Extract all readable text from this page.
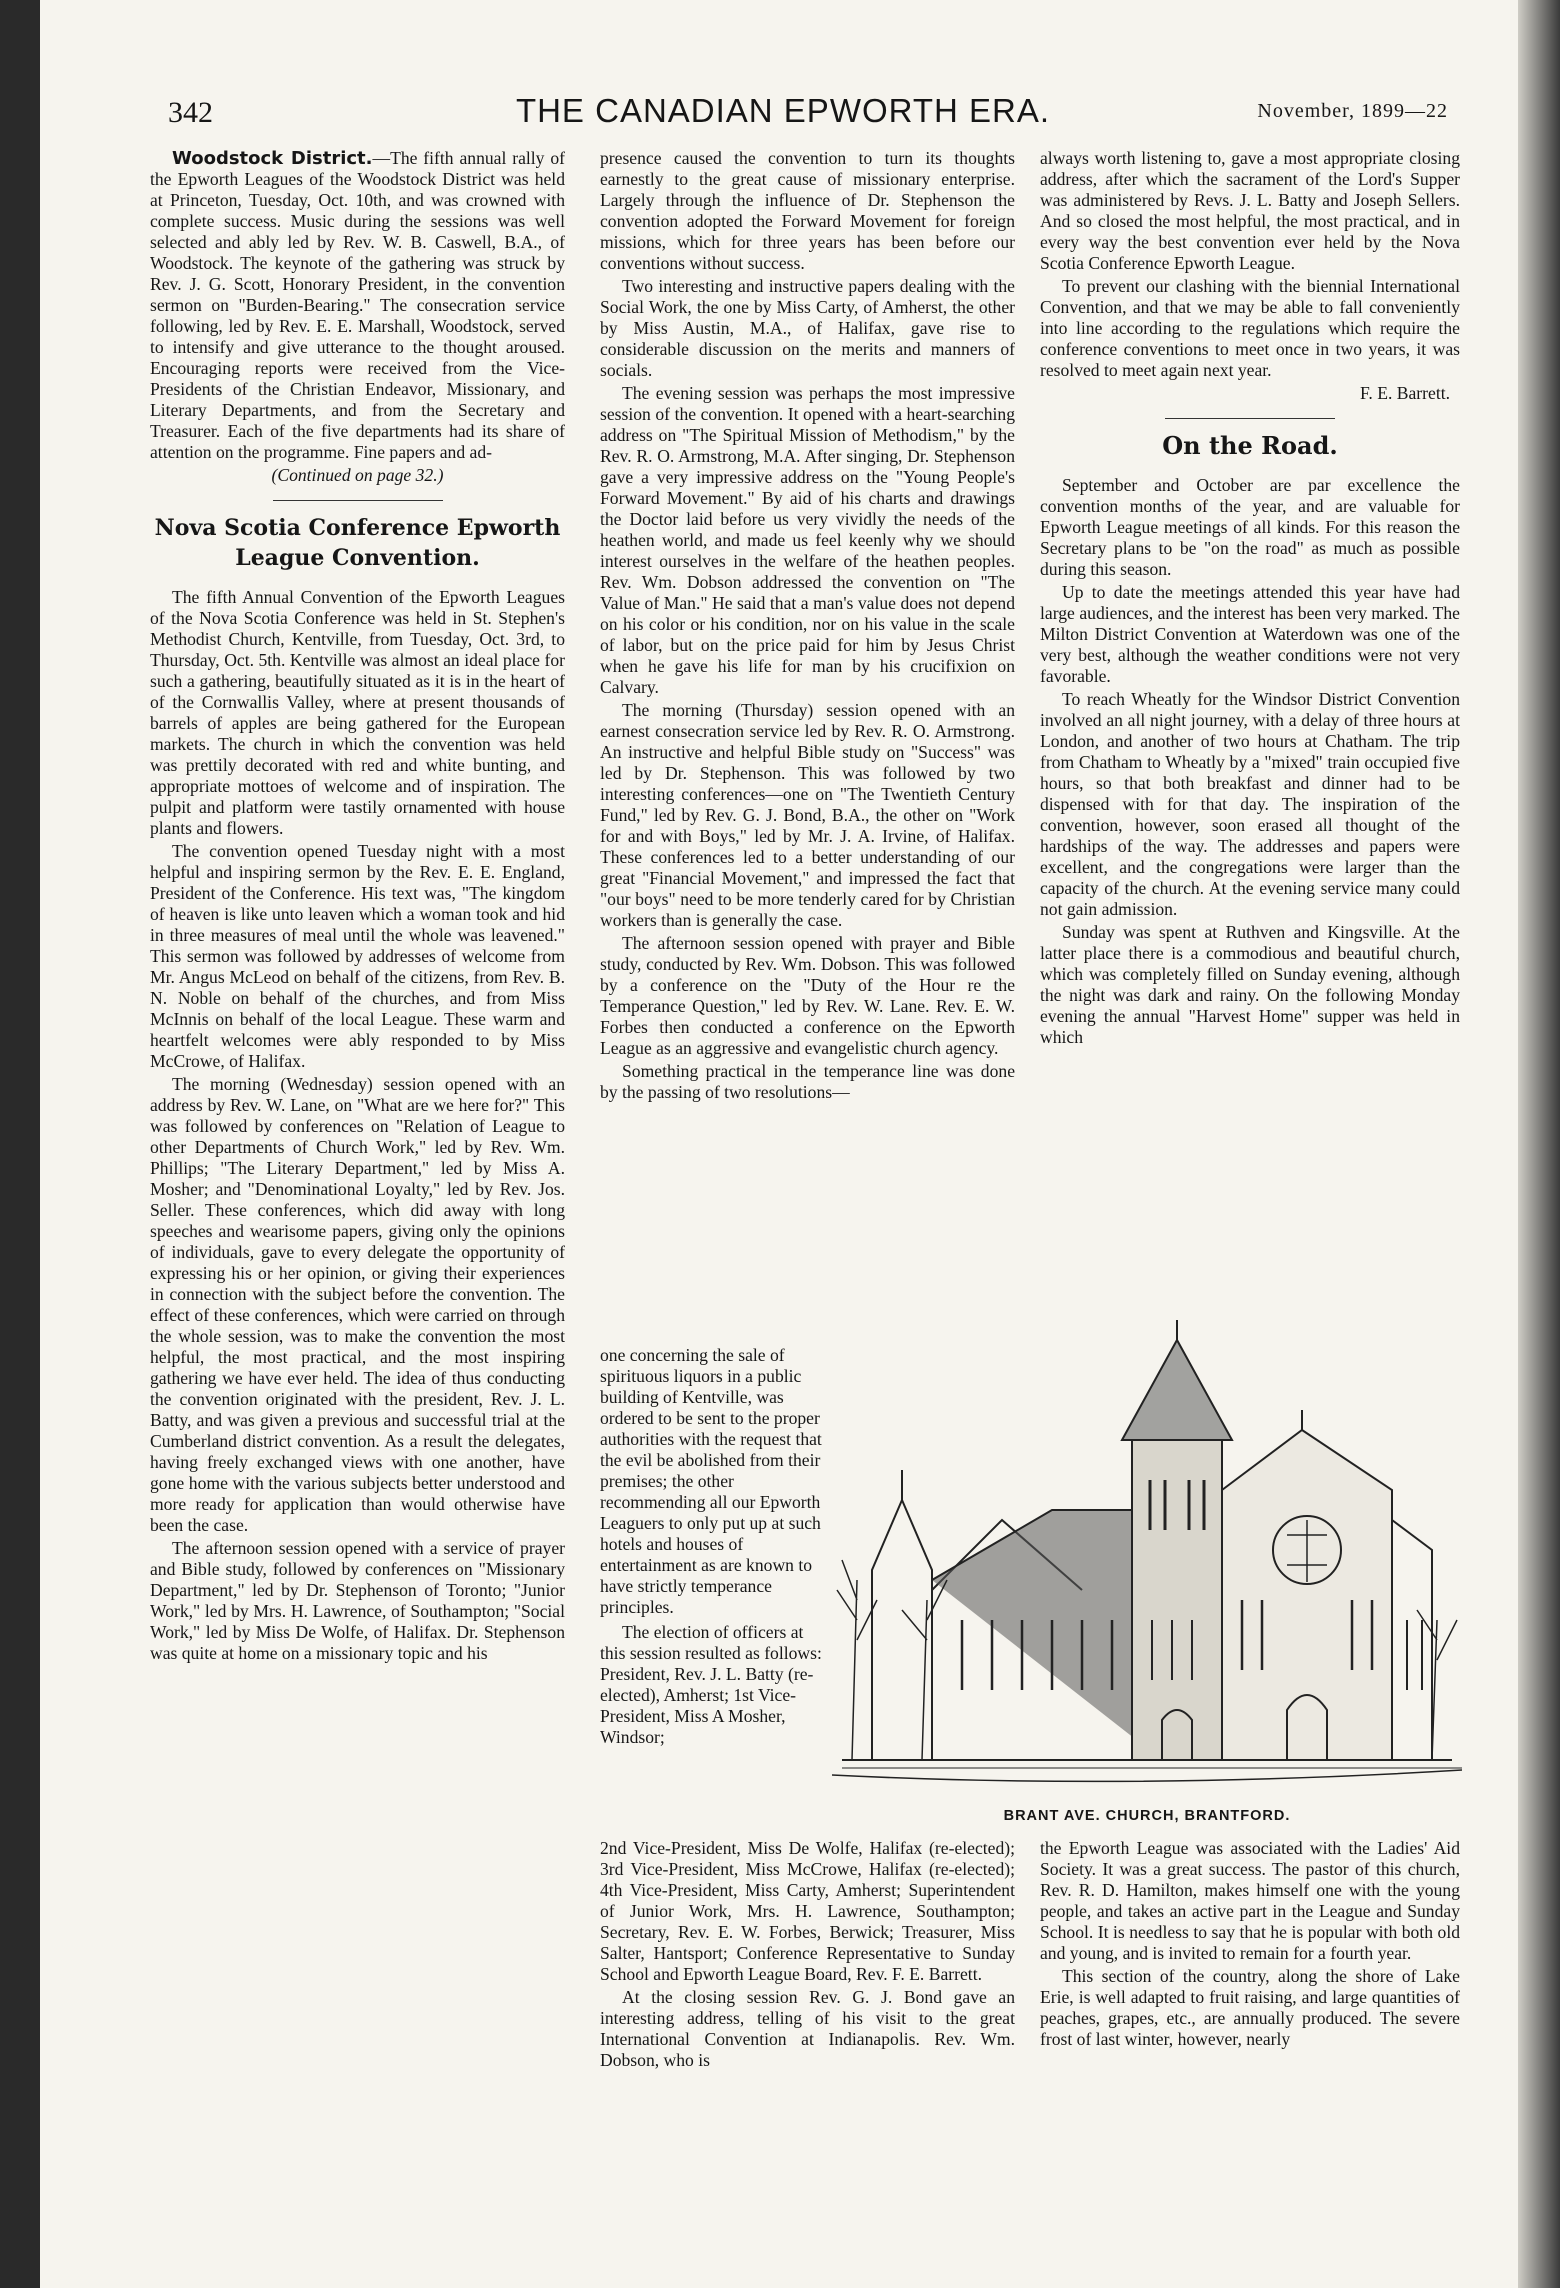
342	THE CANADIAN EPWORTH ERA.	November, 1899—22

Woodstock District.—The fifth annual rally of the Epworth Leagues of the Woodstock District was held at Princeton, Tuesday, Oct. 10th, and was crowned with complete success. Music during the sessions was well selected and ably led by Rev. W. B. Caswell, B.A., of Woodstock. The keynote of the gathering was struck by Rev. J. G. Scott, Honorary President, in the convention sermon on "Burden-Bearing." The consecration service following, led by Rev. E. E. Marshall, Woodstock, served to intensify and give utterance to the thought aroused. Encouraging reports were received from the Vice-Presidents of the Christian Endeavor, Missionary, and Literary Departments, and from the Secretary and Treasurer. Each of the five departments had its share of attention on the programme. Fine papers and ad-

(Continued on page 32.)

Nova Scotia Conference Epworth League Convention.

The fifth Annual Convention of the Epworth Leagues of the Nova Scotia Conference was held in St. Stephen's Methodist Church, Kentville, from Tuesday, Oct. 3rd, to Thursday, Oct. 5th. Kentville was almost an ideal place for such a gathering, beautifully situated as it is in the heart of of the Cornwallis Valley, where at present thousands of barrels of apples are being gathered for the European markets. The church in which the convention was held was prettily decorated with red and white bunting, and appropriate mottoes of welcome and of inspiration. The pulpit and platform were tastily ornamented with house plants and flowers.

The convention opened Tuesday night with a most helpful and inspiring sermon by the Rev. E. E. England, President of the Conference. His text was, "The kingdom of heaven is like unto leaven which a woman took and hid in three measures of meal until the whole was leavened." This sermon was followed by addresses of welcome from Mr. Angus McLeod on behalf of the citizens, from Rev. B. N. Noble on behalf of the churches, and from Miss McInnis on behalf of the local League. These warm and heartfelt welcomes were ably responded to by Miss McCrowe, of Halifax.

The morning (Wednesday) session opened with an address by Rev. W. Lane, on "What are we here for?" This was followed by conferences on "Relation of League to other Departments of Church Work," led by Rev. Wm. Phillips; "The Literary Department," led by Miss A. Mosher; and "Denominational Loyalty," led by Rev. Jos. Seller. These conferences, which did away with long speeches and wearisome papers, giving only the opinions of individuals, gave to every delegate the opportunity of expressing his or her opinion, or giving their experiences in connection with the subject before the convention. The effect of these conferences, which were carried on through the whole session, was to make the convention the most helpful, the most practical, and the most inspiring gathering we have ever held. The idea of thus conducting the convention originated with the president, Rev. J. L. Batty, and was given a previous and successful trial at the Cumberland district convention. As a result the delegates, having freely exchanged views with one another, have gone home with the various subjects better understood and more ready for application than would otherwise have been the case.

The afternoon session opened with a service of prayer and Bible study, followed by conferences on "Missionary Department," led by Dr. Stephenson of Toronto; "Junior Work," led by Mrs. H. Lawrence, of Southampton; "Social Work," led by Miss De Wolfe, of Halifax. Dr. Stephenson was quite at home on a missionary topic and his

presence caused the convention to turn its thoughts earnestly to the great cause of missionary enterprise. Largely through the influence of Dr. Stephenson the convention adopted the Forward Movement for foreign missions, which for three years has been before our conventions without success.

Two interesting and instructive papers dealing with the Social Work, the one by Miss Carty, of Amherst, the other by Miss Austin, M.A., of Halifax, gave rise to considerable discussion on the merits and manners of socials.

The evening session was perhaps the most impressive session of the convention. It opened with a heart-searching address on "The Spiritual Mission of Methodism," by the Rev. R. O. Armstrong, M.A. After singing, Dr. Stephenson gave a very impressive address on the "Young People's Forward Movement." By aid of his charts and drawings the Doctor laid before us very vividly the needs of the heathen world, and made us feel keenly why we should interest ourselves in the welfare of the heathen peoples. Rev. Wm. Dobson addressed the convention on "The Value of Man." He said that a man's value does not depend on his color or his condition, nor on his value in the scale of labor, but on the price paid for him by Jesus Christ when he gave his life for man by his crucifixion on Calvary.

The morning (Thursday) session opened with an earnest consecration service led by Rev. R. O. Armstrong. An instructive and helpful Bible study on "Success" was led by Dr. Stephenson. This was followed by two interesting conferences—one on "The Twentieth Century Fund," led by Rev. G. J. Bond, B.A., the other on "Work for and with Boys," led by Mr. J. A. Irvine, of Halifax. These conferences led to a better understanding of our great "Financial Movement," and impressed the fact that "our boys" need to be more tenderly cared for by Christian workers than is generally the case.

The afternoon session opened with prayer and Bible study, conducted by Rev. Wm. Dobson. This was followed by a conference on the "Duty of the Hour re the Temperance Question," led by Rev. W. Lane. Rev. E. W. Forbes then conducted a conference on the Epworth League as an aggressive and evangelistic church agency.

Something practical in the temperance line was done by the passing of two resolutions—

one concerning the sale of spirituous liquors in a public building of Kentville, was ordered to be sent to the proper authorities with the request that the evil be abolished from their premises; the other recommending all our Epworth Leaguers to only put up at such hotels and houses of entertainment as are known to have strictly temperance principles.

The election of officers at this session resulted as follows: President, Rev. J. L. Batty (re-elected), Amherst; 1st Vice-President, Miss A Mosher, Windsor;

2nd Vice-President, Miss De Wolfe, Halifax (re-elected); 3rd Vice-President, Miss McCrowe, Halifax (re-elected); 4th Vice-President, Miss Carty, Amherst; Superintendent of Junior Work, Mrs. H. Lawrence, Southampton; Secretary, Rev. E. W. Forbes, Berwick; Treasurer, Miss Salter, Hantsport; Conference Representative to Sunday School and Epworth League Board, Rev. F. E. Barrett.

At the closing session Rev. G. J. Bond gave an interesting address, telling of his visit to the great International Convention at Indianapolis. Rev. Wm. Dobson, who is

always worth listening to, gave a most appropriate closing address, after which the sacrament of the Lord's Supper was administered by Revs. J. L. Batty and Joseph Sellers. And so closed the most helpful, the most practical, and in every way the best convention ever held by the Nova Scotia Conference Epworth League.

To prevent our clashing with the biennial International Convention, and that we may be able to fall conveniently into line according to the regulations which require the conference conventions to meet once in two years, it was resolved to meet again next year.

F. E. Barrett.

On the Road.

September and October are par excellence the convention months of the year, and are valuable for Epworth League meetings of all kinds. For this reason the Secretary plans to be "on the road" as much as possible during this season.

Up to date the meetings attended this year have had large audiences, and the interest has been very marked. The Milton District Convention at Waterdown was one of the very best, although the weather conditions were not very favorable.

To reach Wheatly for the Windsor District Convention involved an all night journey, with a delay of three hours at London, and another of two hours at Chatham. The trip from Chatham to Wheatly by a "mixed" train occupied five hours, so that both breakfast and dinner had to be dispensed with for that day. The inspiration of the convention, however, soon erased all thought of the hardships of the way. The addresses and papers were excellent, and the congregations were larger than the capacity of the church. At the evening service many could not gain admission.

Sunday was spent at Ruthven and Kingsville. At the latter place there is a commodious and beautiful church, which was completely filled on Sunday evening, although the night was dark and rainy. On the following Monday evening the annual "Harvest Home" supper was held in which

the Epworth League was associated with the Ladies' Aid Society. It was a great success. The pastor of this church, Rev. R. D. Hamilton, makes himself one with the young people, and takes an active part in the League and Sunday School. It is needless to say that he is popular with both old and young, and is invited to remain for a fourth year.

This section of the country, along the shore of Lake Erie, is well adapted to fruit raising, and large quantities of peaches, grapes, etc., are annually produced. The severe frost of last winter, however, nearly

BRANT AVE. CHURCH, BRANTFORD.
